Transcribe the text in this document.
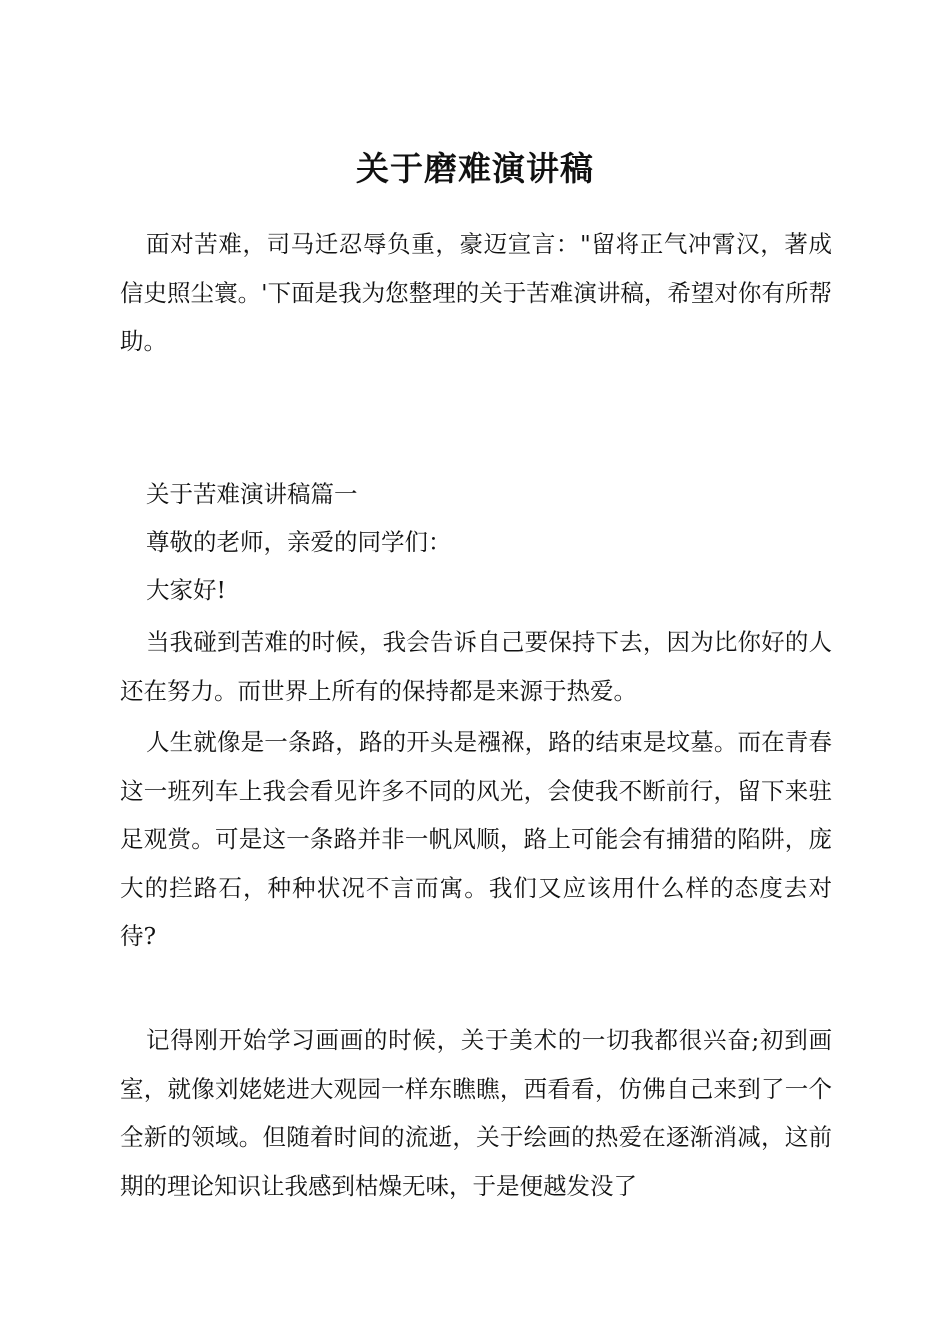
关于磨难演讲稿

面对苦难，司马迁忍辱负重，豪迈宣言："留将正气冲霄汉，著成信史照尘寰。'下面是我为您整理的关于苦难演讲稿，希望对你有所帮助。

关于苦难演讲稿篇一

尊敬的老师，亲爱的同学们：

大家好!

当我碰到苦难的时候，我会告诉自己要保持下去，因为比你好的人还在努力。而世界上所有的保持都是来源于热爱。

人生就像是一条路，路的开头是襁褓，路的结束是坟墓。而在青春这一班列车上我会看见许多不同的风光，会使我不断前行，留下来驻足观赏。可是这一条路并非一帆风顺，路上可能会有捕猎的陷阱，庞大的拦路石，种种状况不言而寓。我们又应该用什么样的态度去对待?

记得刚开始学习画画的时候，关于美术的一切我都很兴奋;初到画室，就像刘姥姥进大观园一样东瞧瞧，西看看，仿佛自己来到了一个全新的领域。但随着时间的流逝，关于绘画的热爱在逐渐消减，这前期的理论知识让我感到枯燥无味，于是便越发没了
